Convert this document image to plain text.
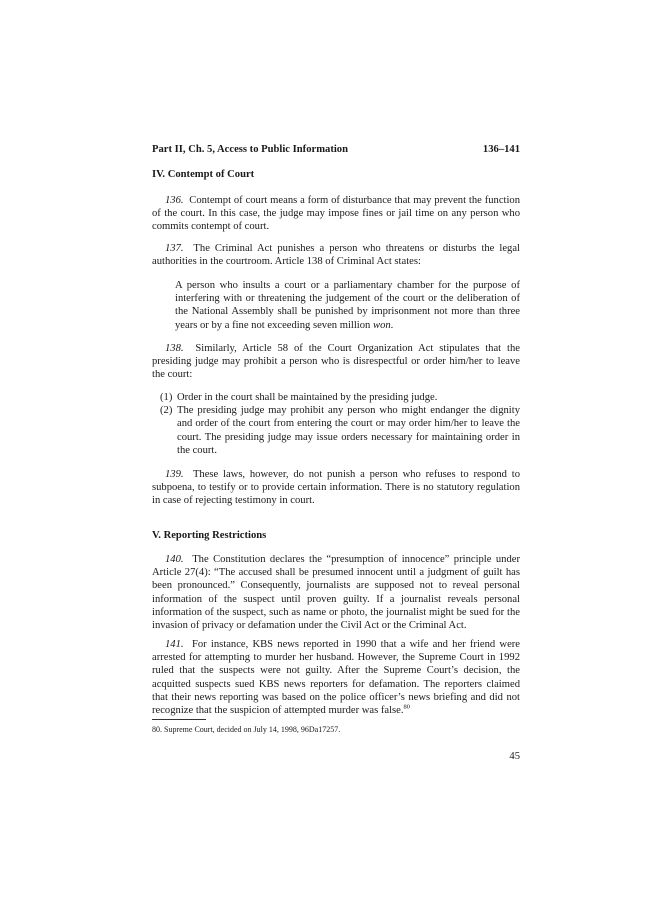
Part II, Ch. 5, Access to Public Information	136–141
IV. Contempt of Court

136. Contempt of court means a form of disturbance that may prevent the function of the court. In this case, the judge may impose fines or jail time on any person who commits contempt of court.

137. The Criminal Act punishes a person who threatens or disturbs the legal authorities in the courtroom. Article 138 of Criminal Act states:

A person who insults a court or a parliamentary chamber for the purpose of interfering with or threatening the judgement of the court or the deliberation of the National Assembly shall be punished by imprisonment not more than three years or by a fine not exceeding seven million won.

138. Similarly, Article 58 of the Court Organization Act stipulates that the presiding judge may prohibit a person who is disrespectful or order him/her to leave the court:

(1) Order in the court shall be maintained by the presiding judge.
(2) The presiding judge may prohibit any person who might endanger the dignity and order of the court from entering the court or may order him/her to leave the court. The presiding judge may issue orders necessary for maintaining order in the court.

139. These laws, however, do not punish a person who refuses to respond to subpoena, to testify or to provide certain information. There is no statutory regulation in case of rejecting testimony in court.

V. Reporting Restrictions

140. The Constitution declares the “presumption of innocence” principle under Article 27(4): “The accused shall be presumed innocent until a judgment of guilt has been pronounced.” Consequently, journalists are supposed not to reveal personal information of the suspect until proven guilty. If a journalist reveals personal information of the suspect, such as name or photo, the journalist might be sued for the invasion of privacy or defamation under the Civil Act or the Criminal Act.

141. For instance, KBS news reported in 1990 that a wife and her friend were arrested for attempting to murder her husband. However, the Supreme Court in 1992 ruled that the suspects were not guilty. After the Supreme Court’s decision, the acquitted suspects sued KBS news reporters for defamation. The reporters claimed that their news reporting was based on the police officer’s news briefing and did not recognize that the suspicion of attempted murder was false.$^{80}$

80. Supreme Court, decided on July 14, 1998, 96Da17257.
45
